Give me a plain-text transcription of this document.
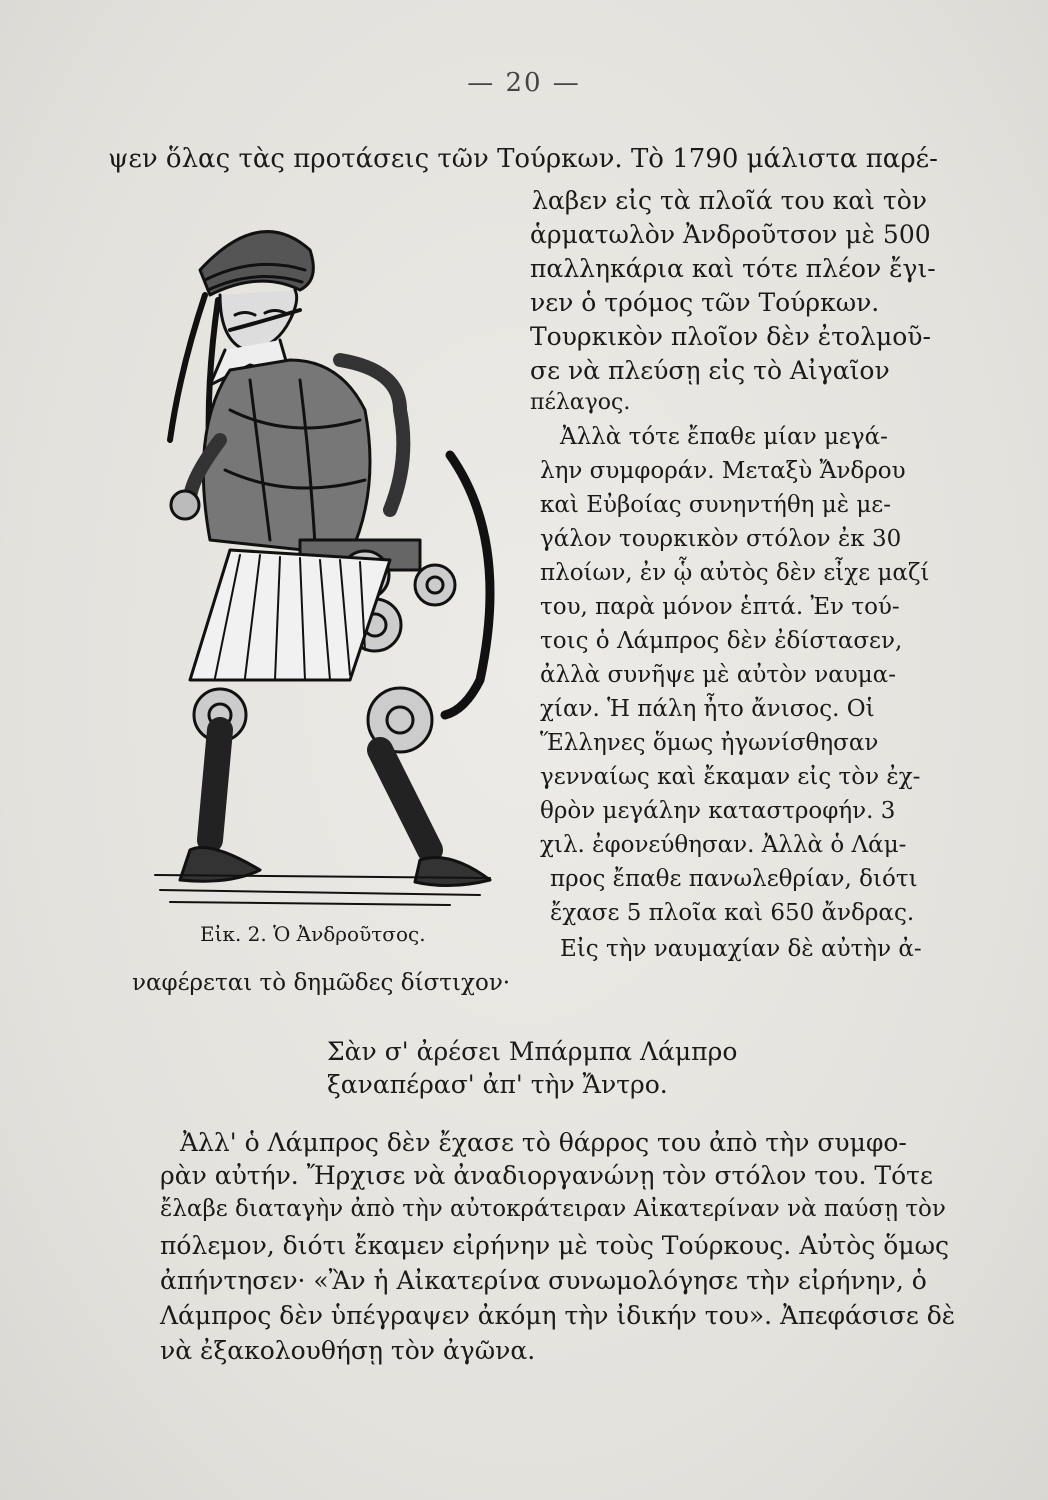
— 20 —
ψεν ὅλας τὰς προτάσεις τῶν Τούρκων. Τὸ 1790 μάλιστα παρέ-
λαβεν εἰς τὰ πλοῖά του καὶ τὸν
ἁρματωλὸν Ἀνδροῦτσον μὲ 500
παλληκάρια καὶ τότε πλέον ἔγι-
νεν ὁ τρόμος τῶν Τούρκων.
Τουρκικὸν πλοῖον δὲν ἐτολμοῦ-
σε νὰ πλεύσῃ εἰς τὸ Αἰγαῖον
πέλαγος.
Ἀλλὰ τότε ἔπαθε μίαν μεγά-
λην συμφοράν. Μεταξὺ Ἄνδρου
καὶ Εὐβοίας συνηντήθη μὲ με-
γάλον τουρκικὸν στόλον ἐκ 30
πλοίων, ἐν ᾧ αὐτὸς δὲν εἶχε μαζί
του, παρὰ μόνον ἑπτά. Ἐν τού-
τοις ὁ Λάμπρος δὲν ἐδίστασεν,
ἀλλὰ συνῆψε μὲ αὐτὸν ναυμα-
χίαν. Ἡ πάλη ἦτο ἄνισος. Οἱ
Ἕλληνες ὅμως ἠγωνίσθησαν
γενναίως καὶ ἔκαμαν εἰς τὸν ἐχ-
θρὸν μεγάλην καταστροφήν. 3
χιλ. ἐφονεύθησαν. Ἀλλὰ ὁ Λάμ-
προς ἔπαθε πανωλεθρίαν, διότι
ἔχασε 5 πλοῖα καὶ 650 ἄνδρας.
Εἰς τὴν ναυμαχίαν δὲ αὐτὴν ἀ-
ναφέρεται τὸ δημῶδες δίστιχον·
Εἰκ. 2. Ὁ Ἀνδροῦτσος.
Σὰν σ' ἀρέσει Μπάρμπα Λάμπρο
ξαναπέρασ' ἀπ' τὴν Ἄντρο.
Ἀλλ' ὁ Λάμπρος δὲν ἔχασε τὸ θάρρος του ἀπὸ τὴν συμφο-
ρὰν αὐτήν. Ἤρχισε νὰ ἀναδιοργανώνῃ τὸν στόλον του. Τότε
ἔλαβε διαταγὴν ἀπὸ τὴν αὐτοκράτειραν Αἰκατερίναν νὰ παύσῃ τὸν
πόλεμον, διότι ἔκαμεν εἰρήνην μὲ τοὺς Τούρκους. Αὐτὸς ὅμως
ἀπήντησεν· «Ἂν ἡ Αἰκατερίνα συνωμολόγησε τὴν εἰρήνην, ὁ
Λάμπρος δὲν ὑπέγραψεν ἀκόμη τὴν ἰδικήν του». Ἀπεφάσισε δὲ
νὰ ἐξακολουθήσῃ τὸν ἀγῶνα.
